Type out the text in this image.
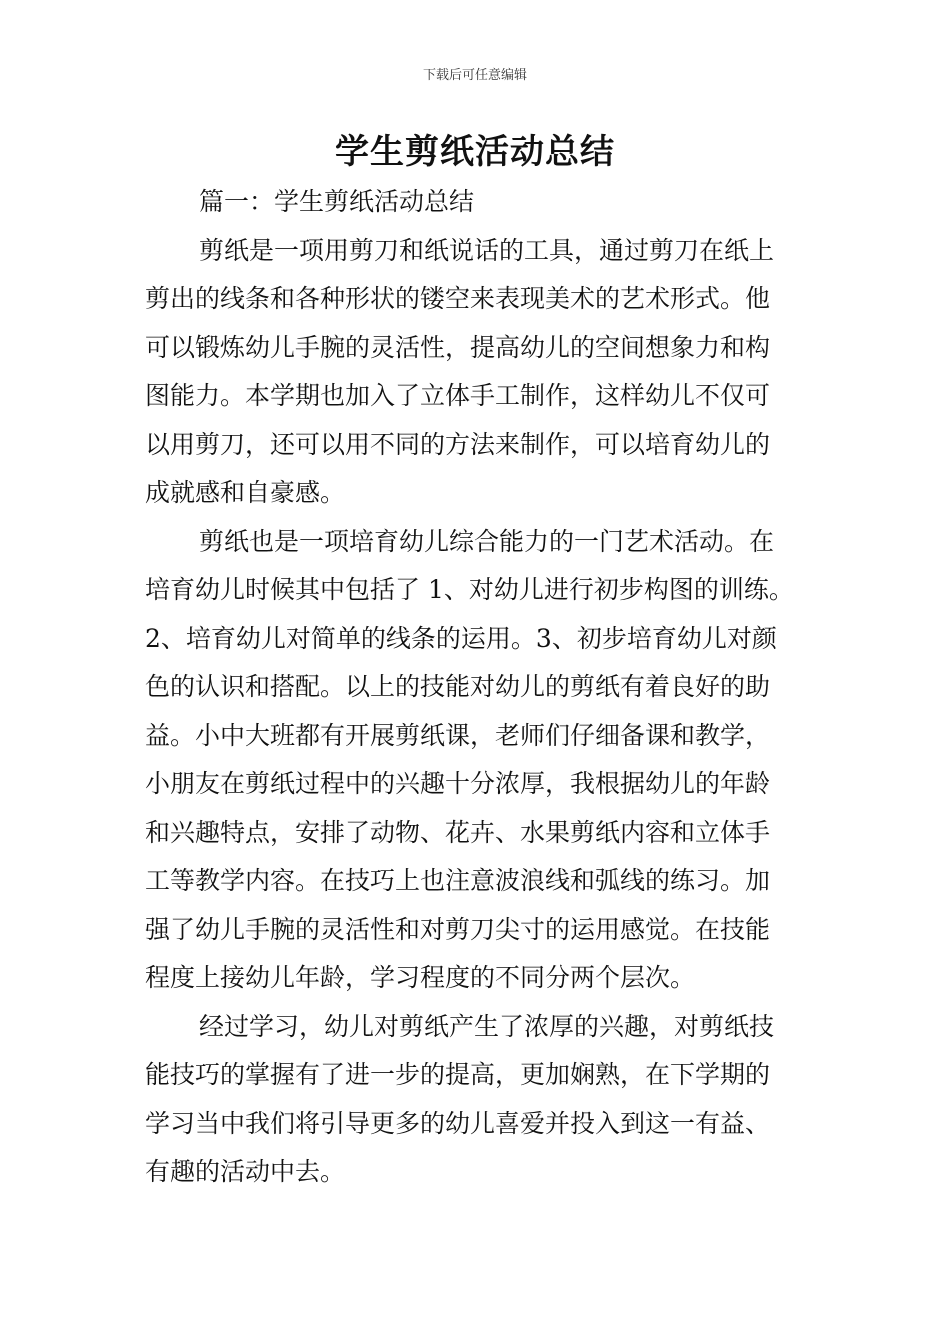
下载后可任意编辑
学生剪纸活动总结
篇一：学生剪纸活动总结
剪纸是一项用剪刀和纸说话的工具，通过剪刀在纸上
剪出的线条和各种形状的镂空来表现美术的艺术形式。他
可以锻炼幼儿手腕的灵活性，提高幼儿的空间想象力和构
图能力。本学期也加入了立体手工制作，这样幼儿不仅可
以用剪刀，还可以用不同的方法来制作，可以培育幼儿的
成就感和自豪感。
剪纸也是一项培育幼儿综合能力的一门艺术活动。在
培育幼儿时候其中包括了 1、对幼儿进行初步构图的训练。
2、培育幼儿对简单的线条的运用。3、初步培育幼儿对颜
色的认识和搭配。以上的技能对幼儿的剪纸有着良好的助
益。小中大班都有开展剪纸课，老师们仔细备课和教学，
小朋友在剪纸过程中的兴趣十分浓厚，我根据幼儿的年龄
和兴趣特点，安排了动物、花卉、水果剪纸内容和立体手
工等教学内容。在技巧上也注意波浪线和弧线的练习。加
强了幼儿手腕的灵活性和对剪刀尖寸的运用感觉。在技能
程度上接幼儿年龄，学习程度的不同分两个层次。
经过学习，幼儿对剪纸产生了浓厚的兴趣，对剪纸技
能技巧的掌握有了进一步的提高，更加娴熟，在下学期的
学习当中我们将引导更多的幼儿喜爱并投入到这一有益、
有趣的活动中去。
